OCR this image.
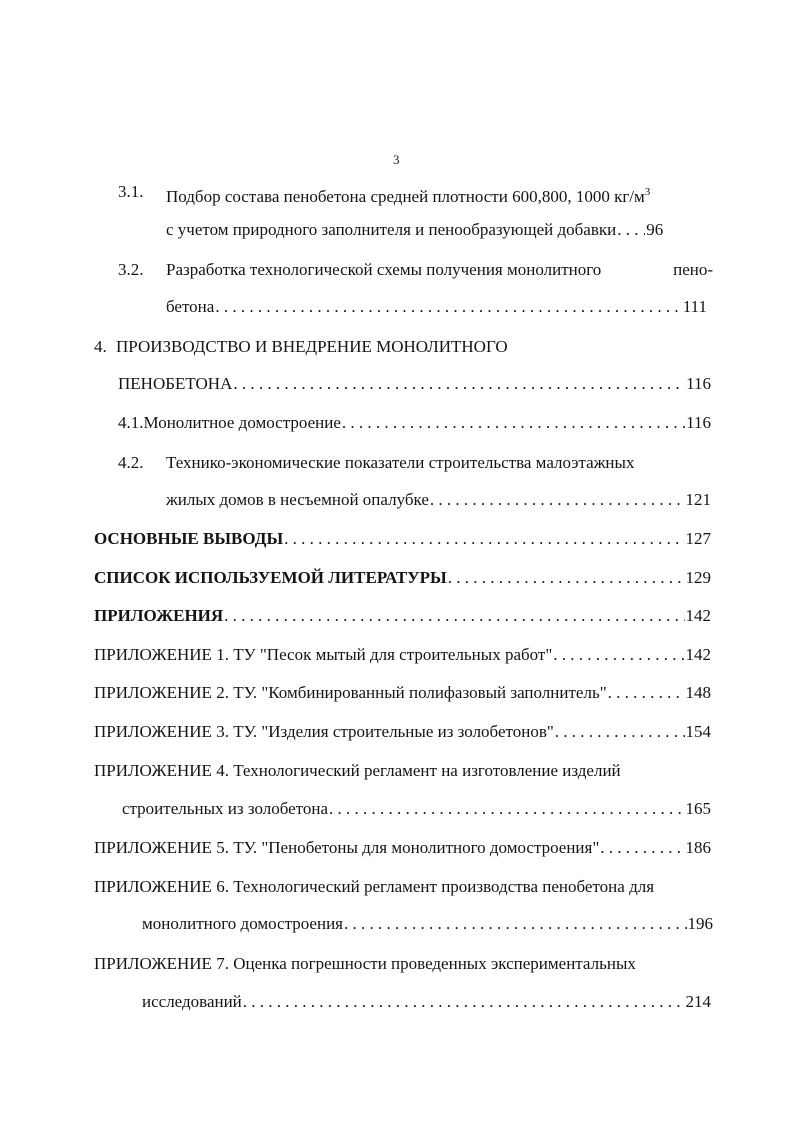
3
3.1. Подбор состава пенобетона средней плотности 600,800, 1000 $кг/м^3$
с учетом природного заполнителя и пенообразующей добавки . . . 96
3.2. Разработка технологической схемы получения монолитного	пено-
бетона . . .	111
4. ПРОИЗВОДСТВО И ВНЕДРЕНИЕ МОНОЛИТНОГО
ПЕНОБЕТОНА . . .	116
4.1. Монолитное домостроение . . .	116
4.2. Технико-экономические показатели строительства малоэтажных
жилых домов в несъемной опалубке . . .	121
ОСНОВНЫЕ ВЫВОДЫ . . .	127
СПИСОК ИСПОЛЬЗУЕМОЙ ЛИТЕРАТУРЫ . . .	129
ПРИЛОЖЕНИЯ . . .	142
ПРИЛОЖЕНИЕ 1. ТУ "Песок мытый для строительных работ" . . .	142
ПРИЛОЖЕНИЕ 2. ТУ. "Комбинированный полифазовый заполнитель" . . .	148
ПРИЛОЖЕНИЕ 3. ТУ. "Изделия строительные из золобетонов" . . .	154
ПРИЛОЖЕНИЕ 4. Технологический регламент на изготовление изделий
строительных из золобетона . . .	165
ПРИЛОЖЕНИЕ 5. ТУ. "Пенобетоны для монолитного домостроения" . . .	186
ПРИЛОЖЕНИЕ 6. Технологический регламент производства пенобетона для
монолитного домостроения . . .	196
ПРИЛОЖЕНИЕ 7. Оценка погрешности проведенных экспериментальных
исследований . . .	214
